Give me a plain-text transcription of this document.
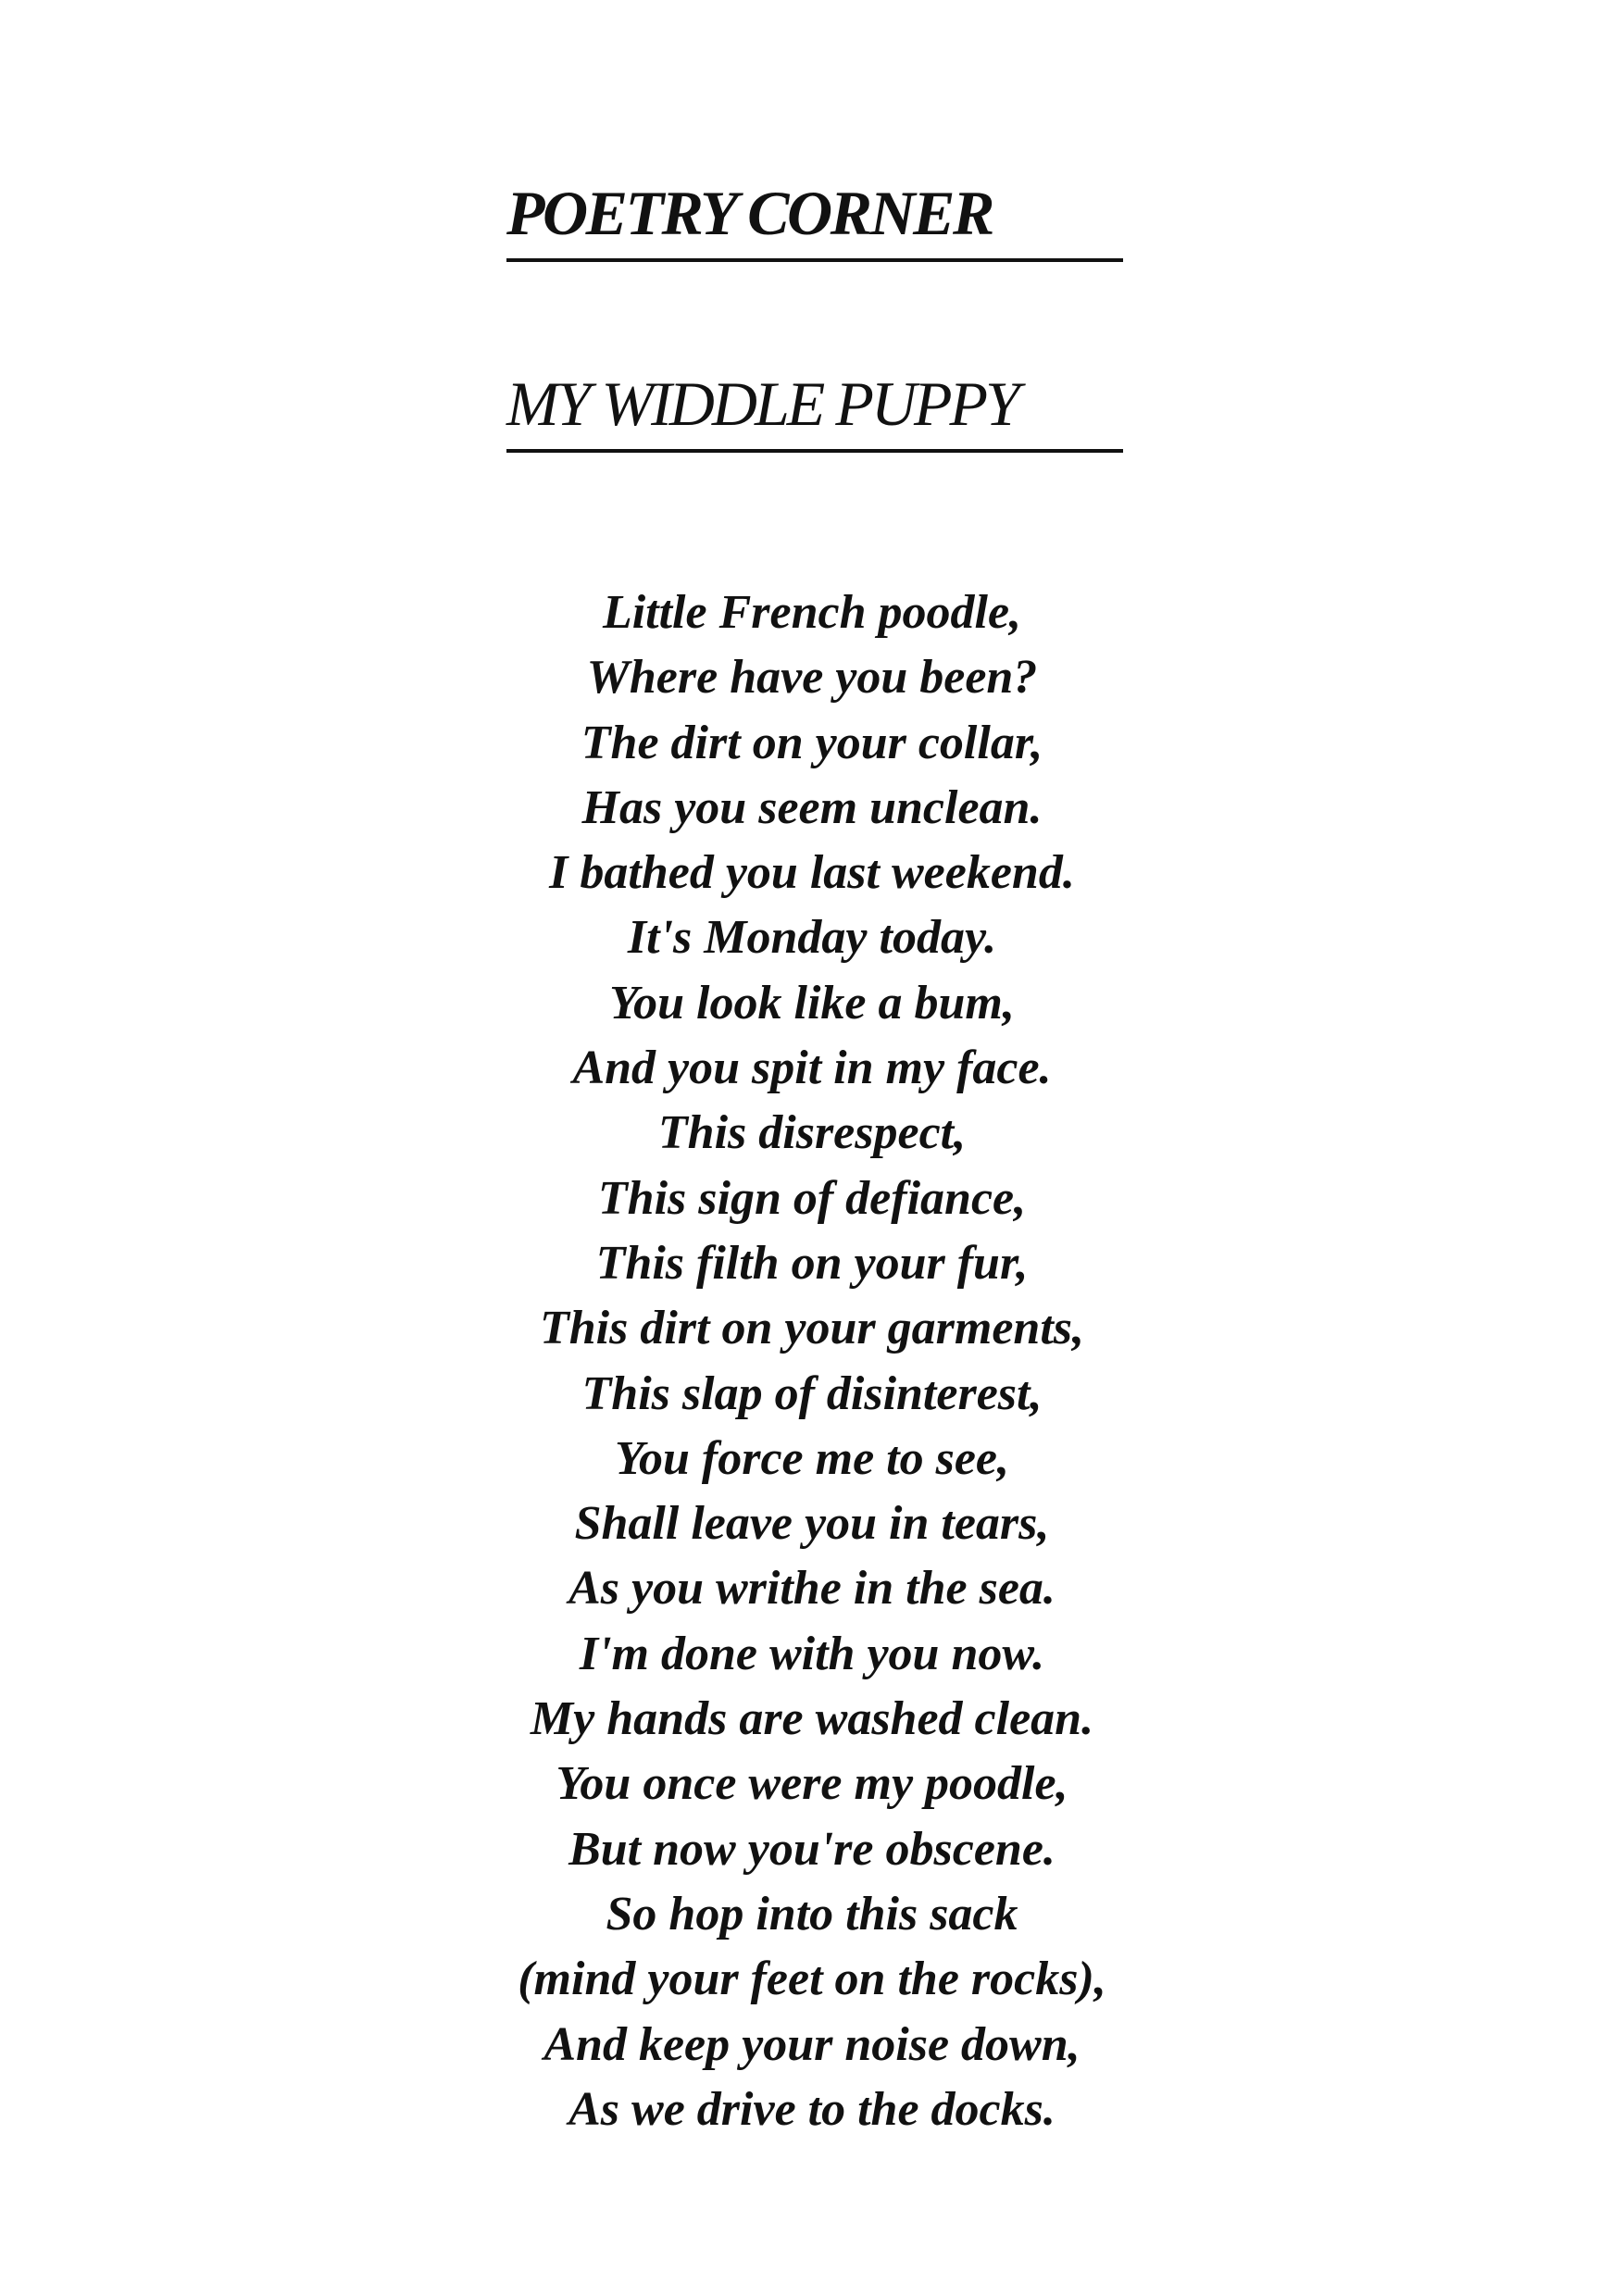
POETRY CORNER
MY WIDDLE PUPPY

Little French poodle,

Where have you been?

The dirt on your collar,

Has you seem unclean.

I bathed you last weekend.

It's Monday today.

You look like a bum,

And you spit in my face.

This disrespect,

This sign of defiance,

This filth on your fur,

This dirt on your garments,

This slap of disinterest,

You force me to see,

Shall leave you in tears,

As you writhe in the sea.

I'm done with you now.

My hands are washed clean.

You once were my poodle,

But now you're obscene.

So hop into this sack

(mind your feet on the rocks),

And keep your noise down,

As we drive to the docks.
